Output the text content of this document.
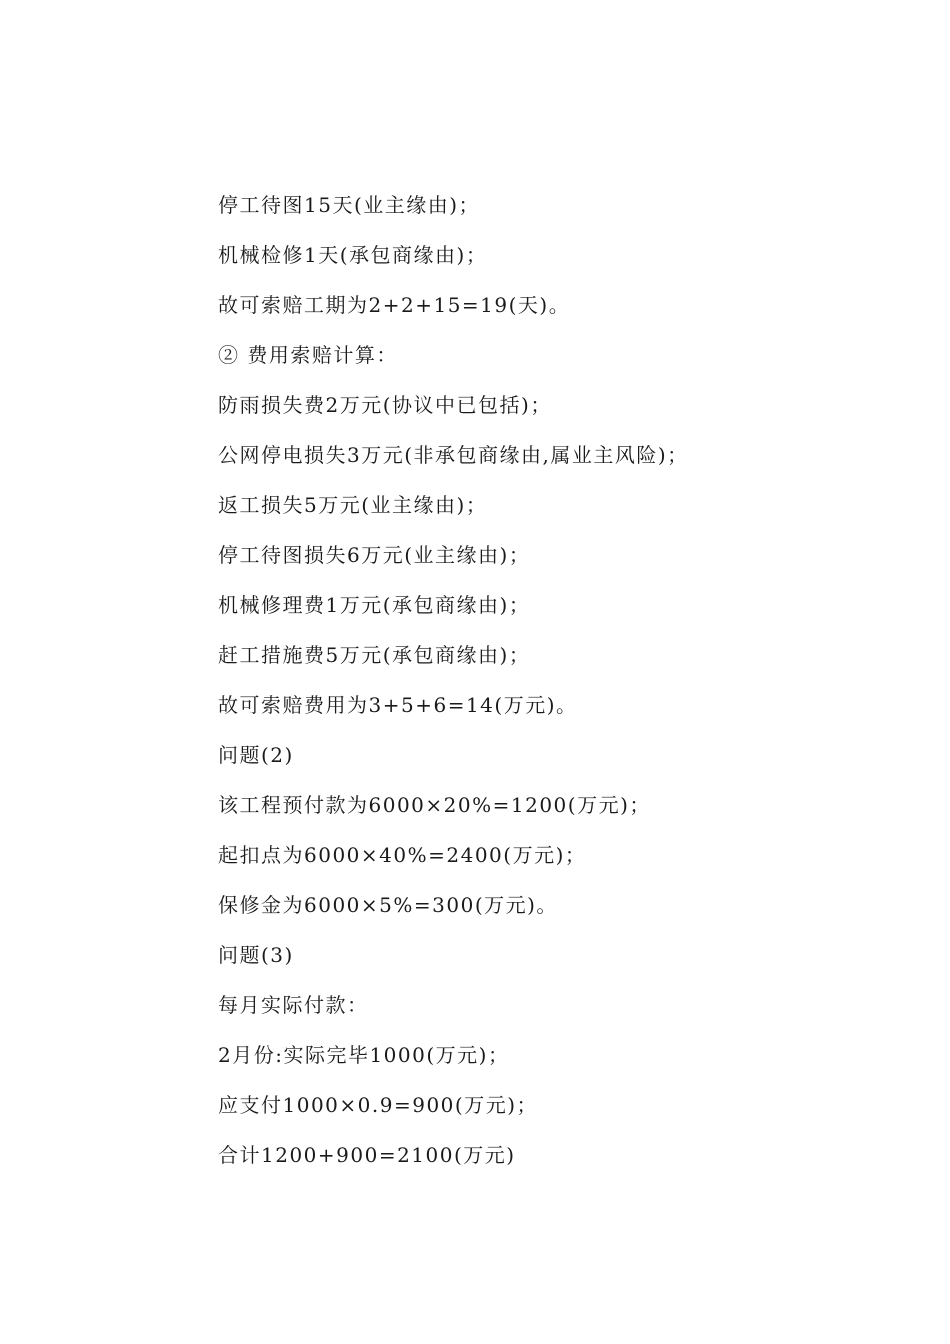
停工待图15天(业主缘由)；
机械检修1天(承包商缘由)；
故可索赔工期为2+2+15=19(天)。
② 费用索赔计算：
防雨损失费2万元(协议中已包括)；
公网停电损失3万元(非承包商缘由,属业主风险)；
返工损失5万元(业主缘由)；
停工待图损失6万元(业主缘由)；
机械修理费1万元(承包商缘由)；
赶工措施费5万元(承包商缘由)；
故可索赔费用为3+5+6=14(万元)。
问题(2)
该工程预付款为6000×20%=1200(万元)；
起扣点为6000×40%=2400(万元)；
保修金为6000×5%=300(万元)。
问题(3)
每月实际付款：
2月份:实际完毕1000(万元)；
应支付1000×0.9=900(万元)；
合计1200+900=2100(万元)
